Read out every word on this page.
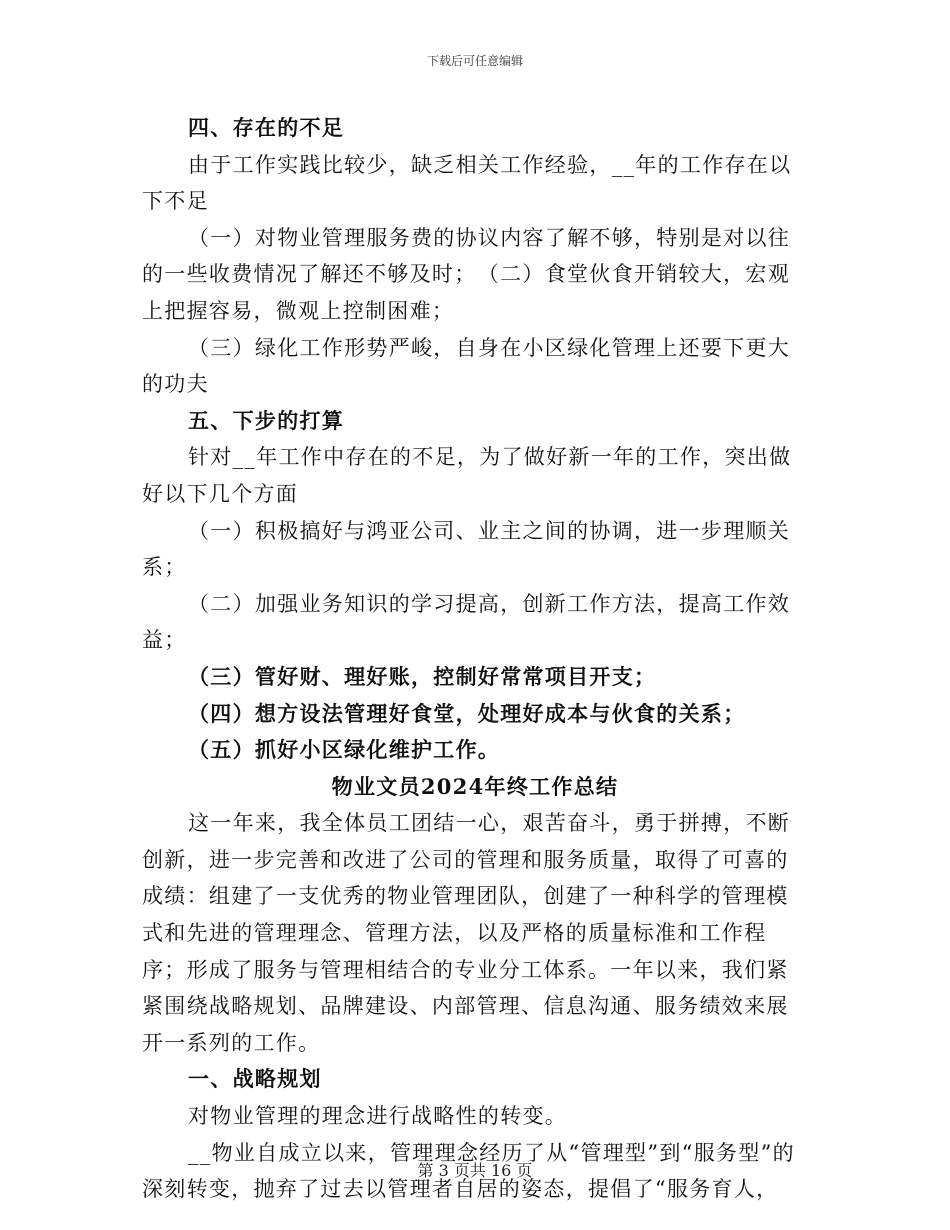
下载后可任意编辑

四、存在的不足

由于工作实践比较少，缺乏相关工作经验，__年的工作存在以下不足

（一）对物业管理服务费的协议内容了解不够，特别是对以往的一些收费情况了解还不够及时；　（二）食堂伙食开销较大，宏观上把握容易，微观上控制困难；

（三）绿化工作形势严峻，自身在小区绿化管理上还要下更大的功夫

五、下步的打算

针对__年工作中存在的不足，为了做好新一年的工作，突出做好以下几个方面

（一）积极搞好与鸿亚公司、业主之间的协调，进一步理顺关系；

（二）加强业务知识的学习提高，创新工作方法，提高工作效益；

（三）管好财、理好账，控制好常常项目开支；

（四）想方设法管理好食堂，处理好成本与伙食的关系；

（五）抓好小区绿化维护工作。

物业文员2024年终工作总结

这一年来，我全体员工团结一心，艰苦奋斗，勇于拼搏，不断创新，进一步完善和改进了公司的管理和服务质量，取得了可喜的成绩：组建了一支优秀的物业管理团队，创建了一种科学的管理模式和先进的管理理念、管理方法，以及严格的质量标准和工作程序；形成了服务与管理相结合的专业分工体系。一年以来，我们紧紧围绕战略规划、品牌建设、内部管理、信息沟通、服务绩效来展开一系列的工作。

一、战略规划

对物业管理的理念进行战略性的转变。

__物业自成立以来，管理理念经历了从“管理型”到“服务型”的深刻转变，抛弃了过去以管理者自居的姿态，提倡了“服务育人，

第 3 页共 16 页
